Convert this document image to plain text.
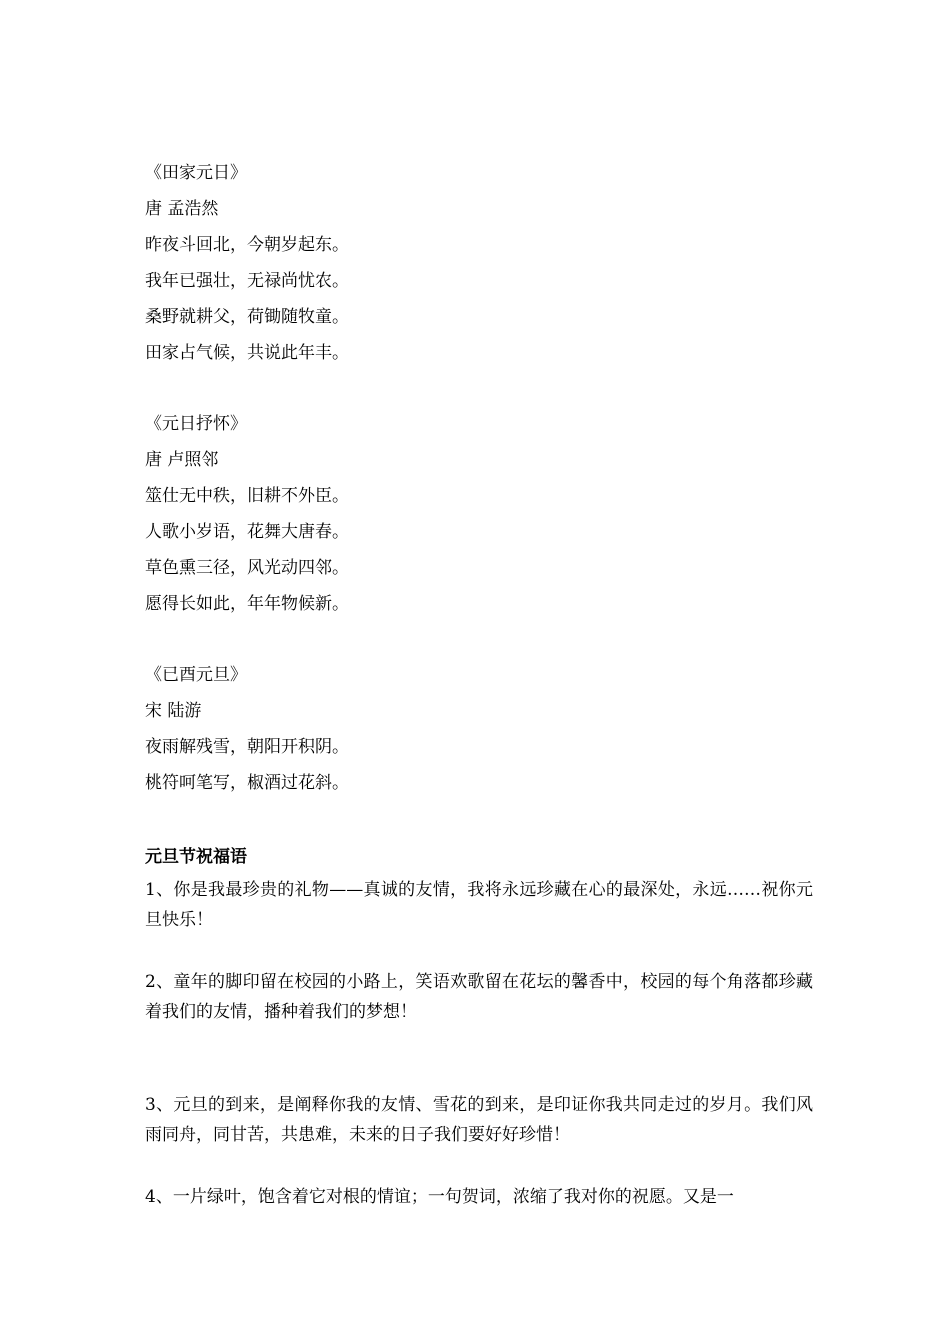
《田家元日》

唐 孟浩然

昨夜斗回北，今朝岁起东。

我年已强壮，无禄尚忧农。

桑野就耕父，荷锄随牧童。

田家占气候，共说此年丰。

《元日抒怀》

唐 卢照邻

筮仕无中秩，旧耕不外臣。

人歌小岁语，花舞大唐春。

草色熏三径，风光动四邻。

愿得长如此，年年物候新。

《已酉元旦》

宋 陆游

夜雨解残雪，朝阳开积阴。

桃符呵笔写，椒酒过花斜。

元旦节祝福语

1、你是我最珍贵的礼物——真诚的友情，我将永远珍藏在心的最深处，永远……祝你元旦快乐！

2、童年的脚印留在校园的小路上，笑语欢歌留在花坛的馨香中，校园的每个角落都珍藏着我们的友情，播种着我们的梦想！

3、元旦的到来，是阐释你我的友情、雪花的到来，是印证你我共同走过的岁月。我们风雨同舟，同甘苦，共患难，未来的日子我们要好好珍惜！

4、一片绿叶，饱含着它对根的情谊；一句贺词，浓缩了我对你的祝愿。又是一
